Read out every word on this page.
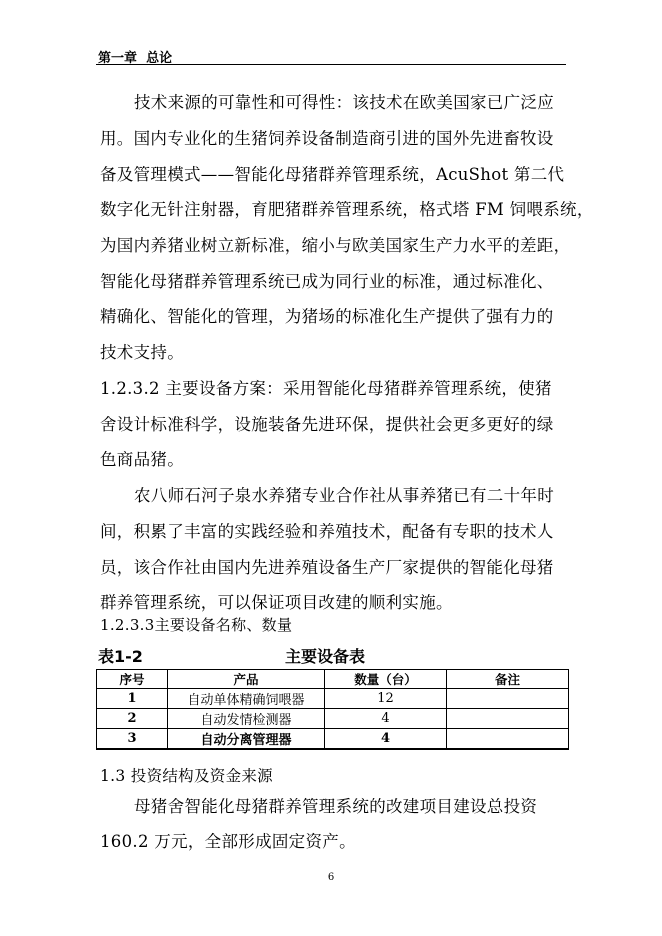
第一章 总论
技术来源的可靠性和可得性：该技术在欧美国家已广泛应
用。国内专业化的生猪饲养设备制造商引进的国外先进畜牧设
备及管理模式——智能化母猪群养管理系统，AcuShot 第二代
数字化无针注射器，育肥猪群养管理系统，格式塔 FM 饲喂系统，
为国内养猪业树立新标准，缩小与欧美国家生产力水平的差距，
智能化母猪群养管理系统已成为同行业的标准，通过标准化、
精确化、智能化的管理，为猪场的标准化生产提供了强有力的
技术支持。
1.2.3.2 主要设备方案：采用智能化母猪群养管理系统，使猪
舍设计标准科学，设施装备先进环保，提供社会更多更好的绿
色商品猪。
农八师石河子泉水养猪专业合作社从事养猪已有二十年时
间，积累了丰富的实践经验和养殖技术，配备有专职的技术人
员，该合作社由国内先进养殖设备生产厂家提供的智能化母猪
群养管理系统，可以保证项目改建的顺利实施。
1.2.3.3主要设备名称、数量
表1-2	主要设备表
序号	产品	数量（台）	备注
1	自动单体精确饲喂器	12	
2	自动发情检测器	4	
3	自动分离管理器	4	
1.3 投资结构及资金来源
母猪舍智能化母猪群养管理系统的改建项目建设总投资
160.2 万元，全部形成固定资产。
6
